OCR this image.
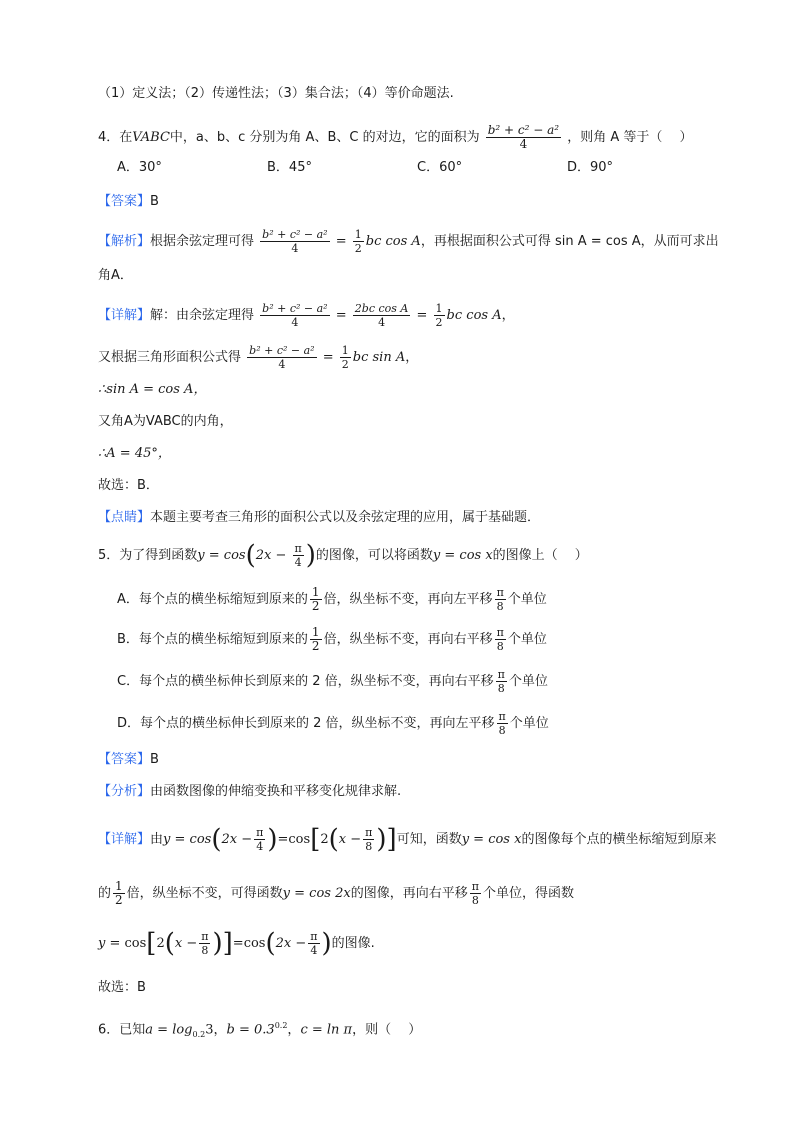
（1）定义法；（2）传递性法；（3）集合法；（4）等价命题法.
4．在VABC中，a、b、c 分别为角 A、B、C 的对边，它的面积为 $\frac{\text{b² + c² − a²}}{4}$ ，则角 A 等于（　 ）
A．30°	B．45°	C．60°	D．90°
【答案】B
【解析】根据余弦定理可得 $\frac{\text{b² + c² − a²}}{4} = \frac{1}{2}$ bc cos A，再根据面积公式可得 sin A = cos A，从而可求出
角A．
【详解】解：由余弦定理得 $\frac{\text{b² + c² − a²}}{4} = \frac{\text{2bc cos A}}{4} = \frac{1}{2}$ bc cos A，
又根据三角形面积公式得 $\frac{\text{b² + c² − a²}}{4} = \frac{1}{2}$ bc sin A，
∴sin A = cos A，
又角A为VABC的内角，
∴A = 45°，
故选：B．
【点睛】本题主要考查三角形的面积公式以及余弦定理的应用，属于基础题．
5．为了得到函数$y = \cos(2x - \frac{\pi}{4}$ )的图像，可以将函数y = cos x的图像上（　 ）
A．每个点的横坐标缩短到原来的 $\frac{1}{2}$ 倍，纵坐标不变，再向左平移 $\frac{\pi}{8}$ 个单位
B．每个点的横坐标缩短到原来的 $\frac{1}{2}$ 倍，纵坐标不变，再向右平移 $\frac{\pi}{8}$ 个单位
C．每个点的横坐标伸长到原来的 2 倍，纵坐标不变，再向右平移 $\frac{\pi}{8}$ 个单位
D．每个点的横坐标伸长到原来的 2 倍，纵坐标不变，再向左平移 $\frac{\pi}{8}$ 个单位
【答案】B
【分析】由函数图像的伸缩变换和平移变化规律求解.
【详解】由$y = \cos(2x - \frac{\pi}{4} )=\cos[2(x - \frac{\pi}{8}$ )]可知，函数y = cos x的图像每个点的横坐标缩短到原来
的 $\frac{1}{2}$ 倍，纵坐标不变，可得函数y = cos 2x的图像，再向右平移 $\frac{\pi}{8}$ 个单位，得函数
$y = \cos[2(x - \frac{\pi}{8} )]=\cos(2x - \frac{\pi}{4}$ )的图像.
故选：B
6．已知$a = \log_{0.2}3$，$b = 0.3^{0.2}$，c = ln π，则（　 ）
